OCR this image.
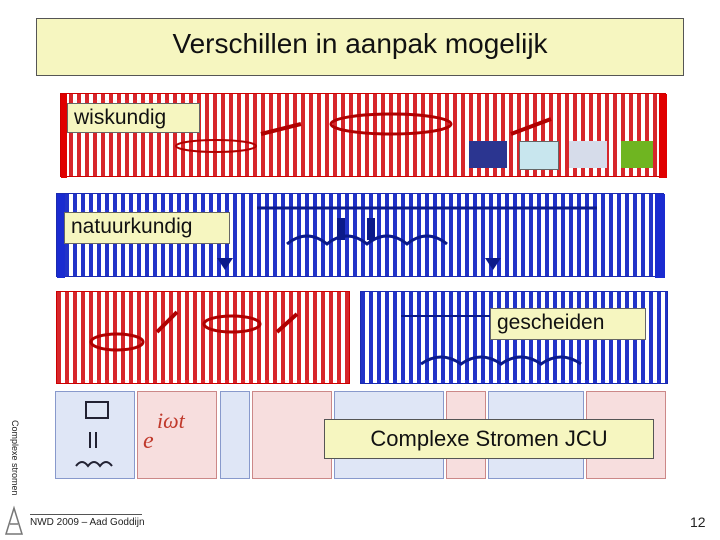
Verschillen in aanpak mogelijk
wiskundig
natuurkundig
gescheiden
e
iωt
Complexe Stromen JCU
Complexe stromen
NWD 2009 – Aad Goddijn	12
